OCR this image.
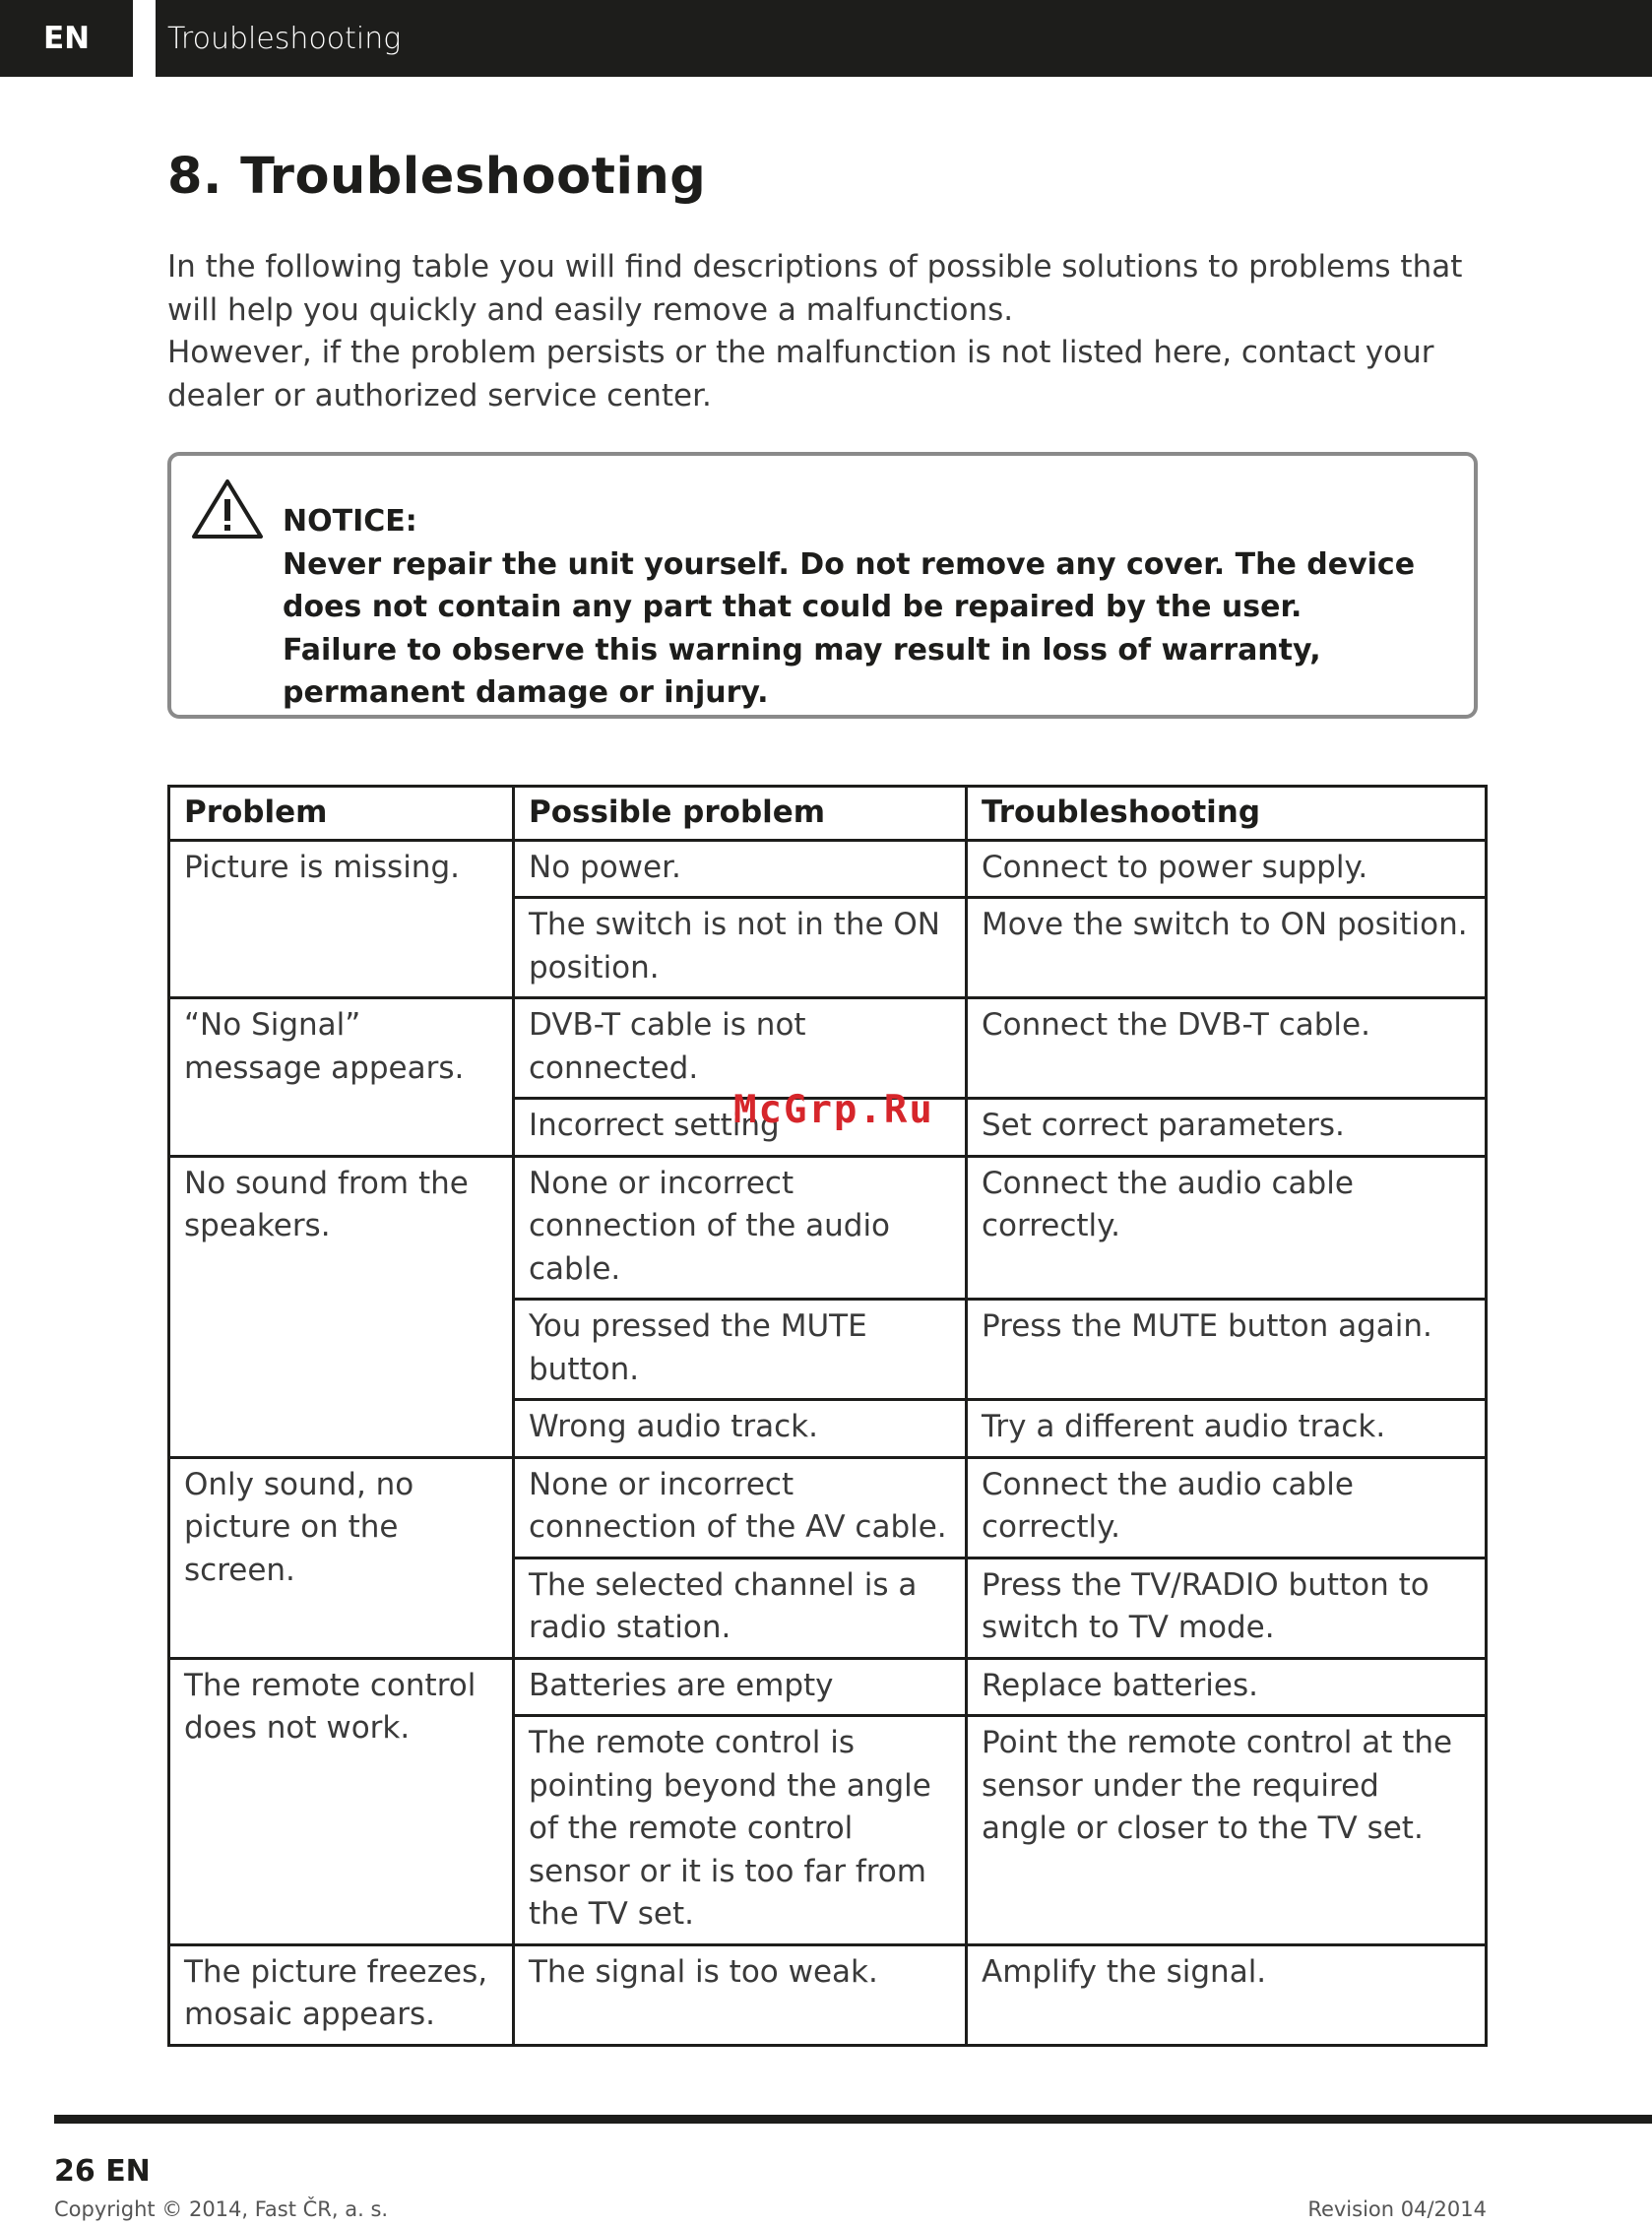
EN	Troubleshooting
8. Troubleshooting

In the following table you will find descriptions of possible solutions to problems that will help you quickly and easily remove a malfunctions.

However, if the problem persists or the malfunction is not listed here, contact your dealer or authorized service center.

NOTICE:
Never repair the unit yourself. Do not remove any cover. The device does not contain any part that could be repaired by the user.
Failure to observe this warning may result in loss of warranty, permanent damage or injury.
Problem	Possible problem	Troubleshooting
Picture is missing.	No power.	Connect to power supply.
	The switch is not in the ON position.	Move the switch to ON position.
“No Signal” message appears.	DVB-T cable is not connected.	Connect the DVB-T cable.
	Incorrect setting	Set correct parameters.
No sound from the speakers.	None or incorrect connection of the audio cable.	Connect the audio cable correctly.
	You pressed the MUTE button.	Press the MUTE button again.
	Wrong audio track.	Try a different audio track.
Only sound, no picture on the screen.	None or incorrect connection of the AV cable.	Connect the audio cable correctly.
	The selected channel is a radio station.	Press the TV/RADIO button to switch to TV mode.
The remote control does not work.	Batteries are empty	Replace batteries.
	The remote control is pointing beyond the angle of the remote control sensor or it is too far from the TV set.	Point the remote control at the sensor under the required angle or closer to the TV set.
The picture freezes, mosaic appears.	The signal is too weak.	Amplify the signal.
McGrp.Ru
26 EN
Copyright © 2014, Fast ČR, a. s.	Revision 04/2014
